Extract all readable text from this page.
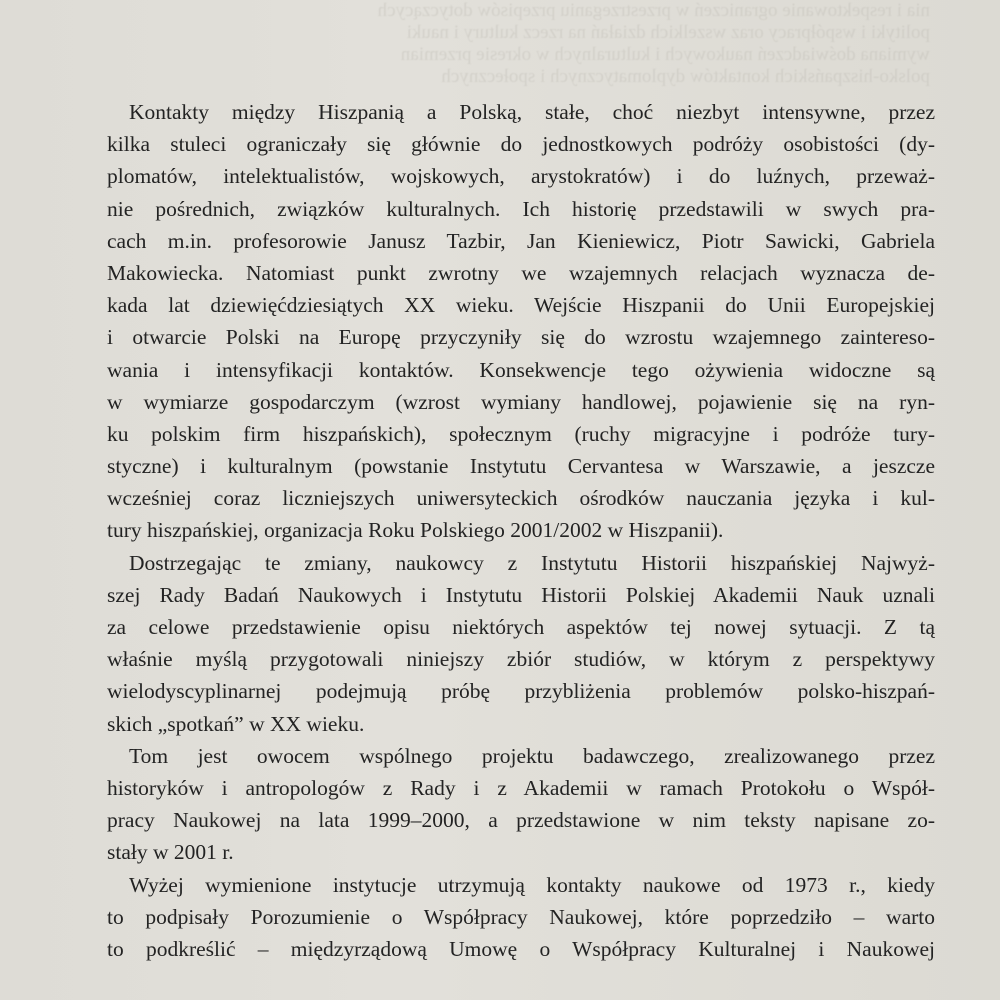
nia i respektowanie ograniczeń w przestrzeganiu przepisów dotyczących
polityki i współpracy oraz wszelkich działań na rzecz kultury i nauki
wymiana doświadczeń naukowych i kulturalnych w okresie przemian
polsko-hiszpańskich kontaktów dyplomatycznych i społecznych
Kontakty między Hiszpanią a Polską, stałe, choć niezbyt intensywne, przez
kilka stuleci ograniczały się głównie do jednostkowych podróży osobistości (dy-
plomatów, intelektualistów, wojskowych, arystokratów) i do luźnych, przeważ-
nie pośrednich, związków kulturalnych. Ich historię przedstawili w swych pra-
cach m.in. profesorowie Janusz Tazbir, Jan Kieniewicz, Piotr Sawicki, Gabriela
Makowiecka. Natomiast punkt zwrotny we wzajemnych relacjach wyznacza de-
kada lat dziewięćdziesiątych XX wieku. Wejście Hiszpanii do Unii Europejskiej
i otwarcie Polski na Europę przyczyniły się do wzrostu wzajemnego zaintereso-
wania i intensyfikacji kontaktów. Konsekwencje tego ożywienia widoczne są
w wymiarze gospodarczym (wzrost wymiany handlowej, pojawienie się na ryn-
ku polskim firm hiszpańskich), społecznym (ruchy migracyjne i podróże tury-
styczne) i kulturalnym (powstanie Instytutu Cervantesa w Warszawie, a jeszcze
wcześniej coraz liczniejszych uniwersyteckich ośrodków nauczania języka i kul-
tury hiszpańskiej, organizacja Roku Polskiego 2001/2002 w Hiszpanii).
Dostrzegając te zmiany, naukowcy z Instytutu Historii hiszpańskiej Najwyż-
szej Rady Badań Naukowych i Instytutu Historii Polskiej Akademii Nauk uznali
za celowe przedstawienie opisu niektórych aspektów tej nowej sytuacji. Z tą
właśnie myślą przygotowali niniejszy zbiór studiów, w którym z perspektywy
wielodyscyplinarnej podejmują próbę przybliżenia problemów polsko-hiszpań-
skich „spotkań” w XX wieku.
Tom jest owocem wspólnego projektu badawczego, zrealizowanego przez
historyków i antropologów z Rady i z Akademii w ramach Protokołu o Współ-
pracy Naukowej na lata 1999–2000, a przedstawione w nim teksty napisane zo-
stały w 2001 r.
Wyżej wymienione instytucje utrzymują kontakty naukowe od 1973 r., kiedy
to podpisały Porozumienie o Współpracy Naukowej, które poprzedziło – warto
to podkreślić – międzyrządową Umowę o Współpracy Kulturalnej i Naukowej
